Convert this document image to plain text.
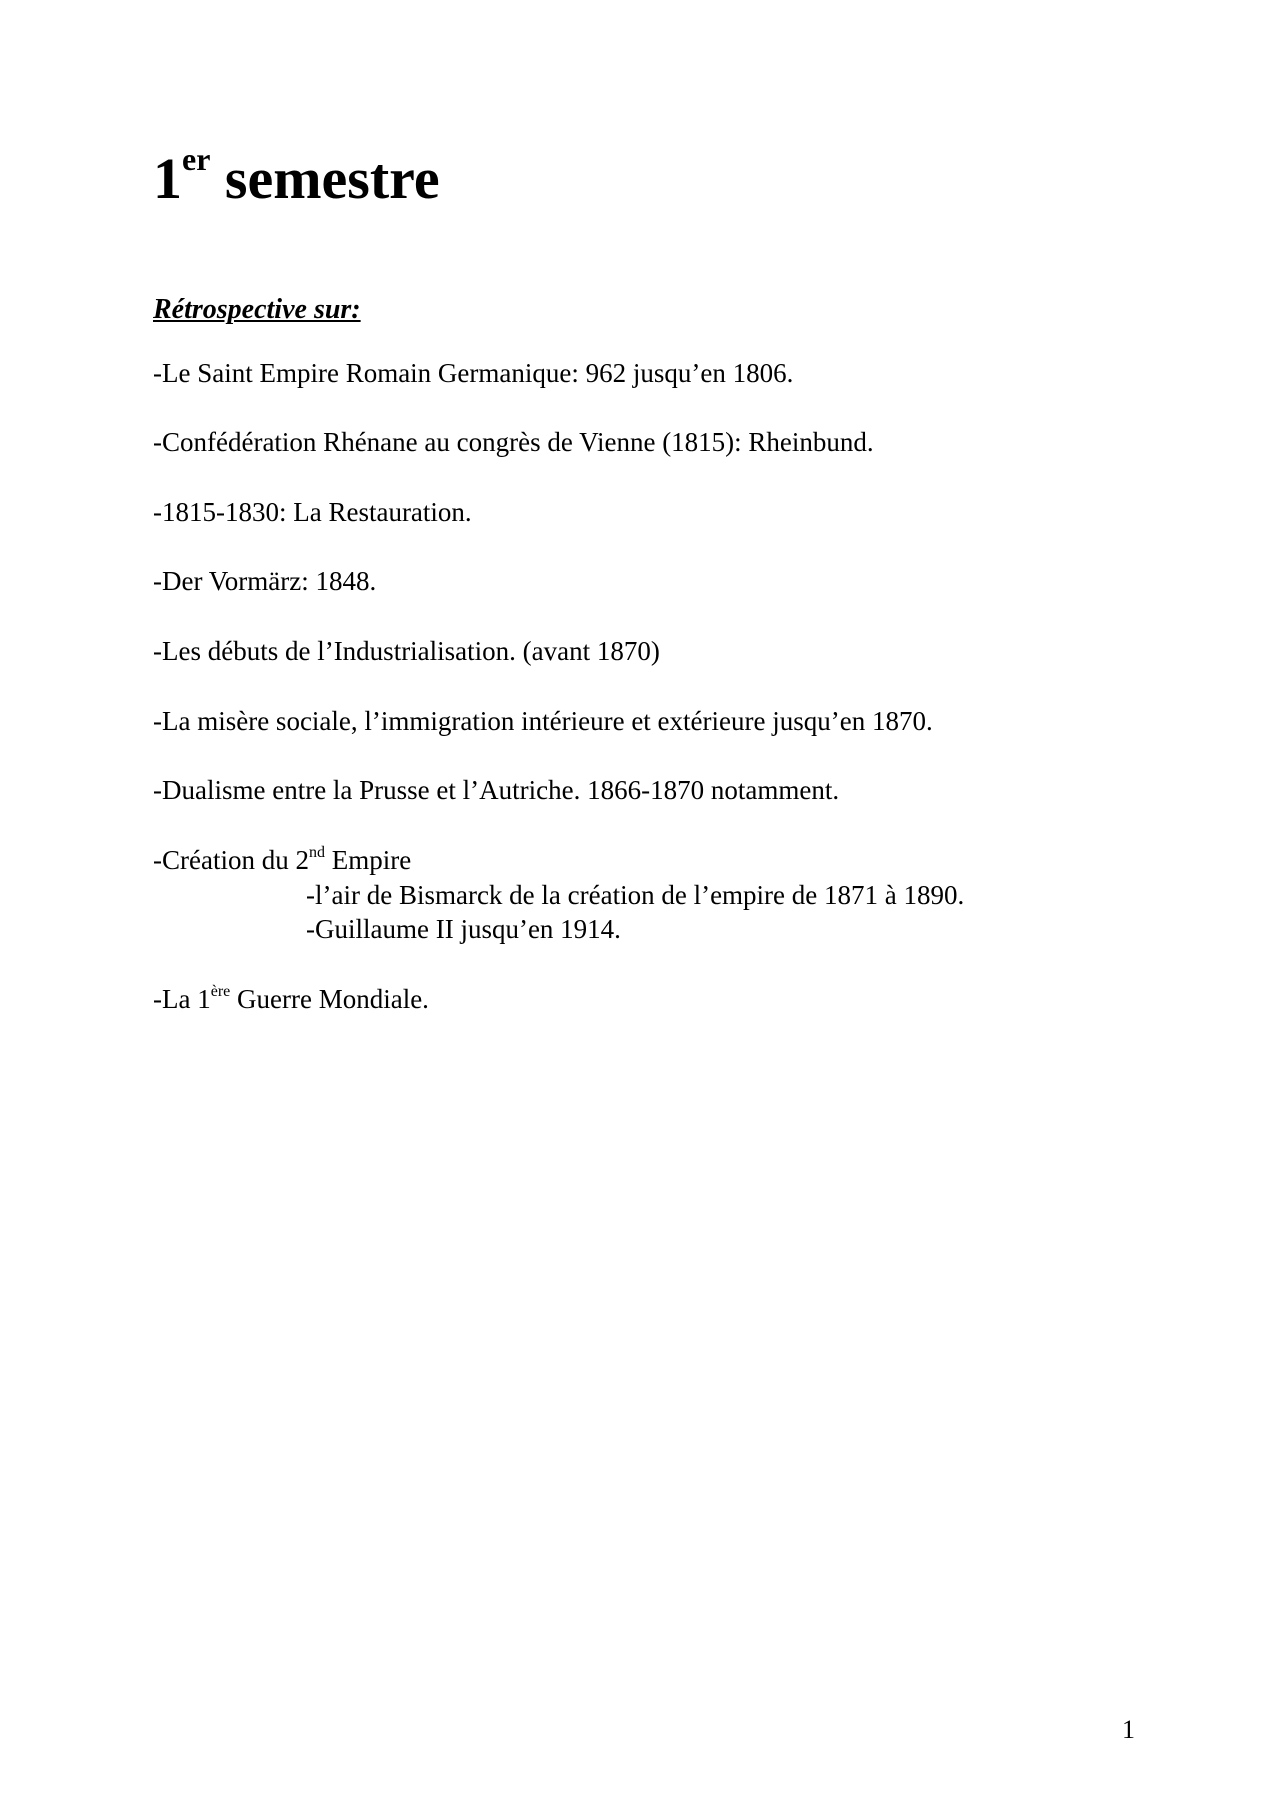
1er semestre
Rétrospective sur:
-Le Saint Empire Romain Germanique: 962 jusqu’en 1806.
-Confédération Rhénane au congrès de Vienne (1815): Rheinbund.
-1815-1830: La Restauration.
-Der Vormärz: 1848.
-Les débuts de l’Industrialisation. (avant 1870)
-La misère sociale, l’immigration intérieure et extérieure jusqu’en 1870.
-Dualisme entre la Prusse et l’Autriche. 1866-1870 notamment.
-Création du 2nd Empire
-l’air de Bismarck de la création de l’empire de 1871 à 1890.
-Guillaume II jusqu’en 1914.
-La 1ère Guerre Mondiale.
1
